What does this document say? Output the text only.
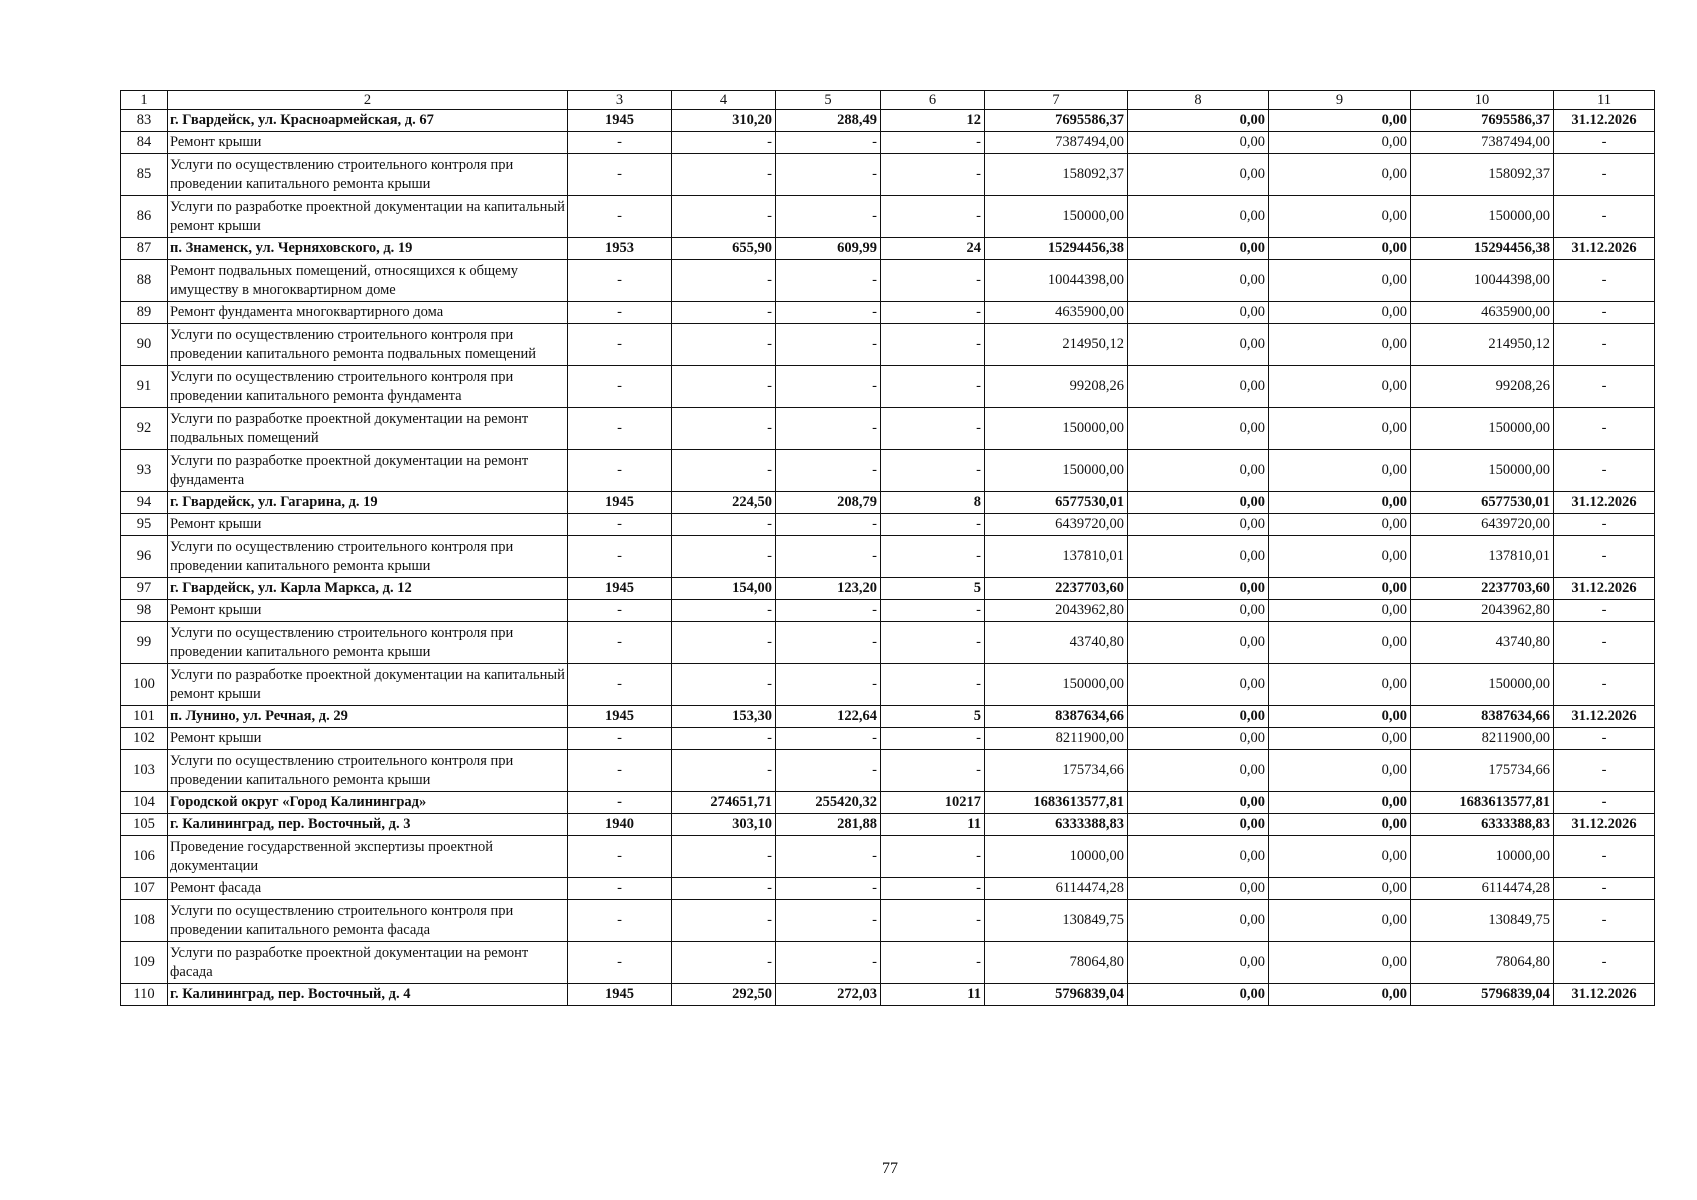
1	2	3	4	5	6	7	8	9	10	11
83	г. Гвардейск, ул. Красноармейская, д. 67	1945	310,20	288,49	12	7695586,37	0,00	0,00	7695586,37	31.12.2026
84	Ремонт крыши	-	-	-	-	7387494,00	0,00	0,00	7387494,00	-
85	Услуги по осуществлению строительного контроля при проведении капитального ремонта крыши	-	-	-	-	158092,37	0,00	0,00	158092,37	-
86	Услуги по разработке проектной документации на капитальный ремонт крыши	-	-	-	-	150000,00	0,00	0,00	150000,00	-
87	п. Знаменск, ул. Черняховского, д. 19	1953	655,90	609,99	24	15294456,38	0,00	0,00	15294456,38	31.12.2026
88	Ремонт подвальных помещений, относящихся к общему имуществу в многоквартирном доме	-	-	-	-	10044398,00	0,00	0,00	10044398,00	-
89	Ремонт фундамента многоквартирного дома	-	-	-	-	4635900,00	0,00	0,00	4635900,00	-
90	Услуги по осуществлению строительного контроля при проведении капитального ремонта подвальных помещений	-	-	-	-	214950,12	0,00	0,00	214950,12	-
91	Услуги по осуществлению строительного контроля при проведении капитального ремонта фундамента	-	-	-	-	99208,26	0,00	0,00	99208,26	-
92	Услуги по разработке проектной документации на ремонт подвальных помещений	-	-	-	-	150000,00	0,00	0,00	150000,00	-
93	Услуги по разработке проектной документации на ремонт фундамента	-	-	-	-	150000,00	0,00	0,00	150000,00	-
94	г. Гвардейск, ул. Гагарина, д. 19	1945	224,50	208,79	8	6577530,01	0,00	0,00	6577530,01	31.12.2026
95	Ремонт крыши	-	-	-	-	6439720,00	0,00	0,00	6439720,00	-
96	Услуги по осуществлению строительного контроля при проведении капитального ремонта крыши	-	-	-	-	137810,01	0,00	0,00	137810,01	-
97	г. Гвардейск, ул. Карла Маркса, д. 12	1945	154,00	123,20	5	2237703,60	0,00	0,00	2237703,60	31.12.2026
98	Ремонт крыши	-	-	-	-	2043962,80	0,00	0,00	2043962,80	-
99	Услуги по осуществлению строительного контроля при проведении капитального ремонта крыши	-	-	-	-	43740,80	0,00	0,00	43740,80	-
100	Услуги по разработке проектной документации на капитальный ремонт крыши	-	-	-	-	150000,00	0,00	0,00	150000,00	-
101	п. Лунино, ул. Речная, д. 29	1945	153,30	122,64	5	8387634,66	0,00	0,00	8387634,66	31.12.2026
102	Ремонт крыши	-	-	-	-	8211900,00	0,00	0,00	8211900,00	-
103	Услуги по осуществлению строительного контроля при проведении капитального ремонта крыши	-	-	-	-	175734,66	0,00	0,00	175734,66	-
104	Городской округ «Город Калининград»	-	274651,71	255420,32	10217	1683613577,81	0,00	0,00	1683613577,81	-
105	г. Калининград, пер. Восточный, д. 3	1940	303,10	281,88	11	6333388,83	0,00	0,00	6333388,83	31.12.2026
106	Проведение государственной экспертизы проектной документации	-	-	-	-	10000,00	0,00	0,00	10000,00	-
107	Ремонт фасада	-	-	-	-	6114474,28	0,00	0,00	6114474,28	-
108	Услуги по осуществлению строительного контроля при проведении капитального ремонта фасада	-	-	-	-	130849,75	0,00	0,00	130849,75	-
109	Услуги по разработке проектной документации на ремонт фасада	-	-	-	-	78064,80	0,00	0,00	78064,80	-
110	г. Калининград, пер. Восточный, д. 4	1945	292,50	272,03	11	5796839,04	0,00	0,00	5796839,04	31.12.2026
77
